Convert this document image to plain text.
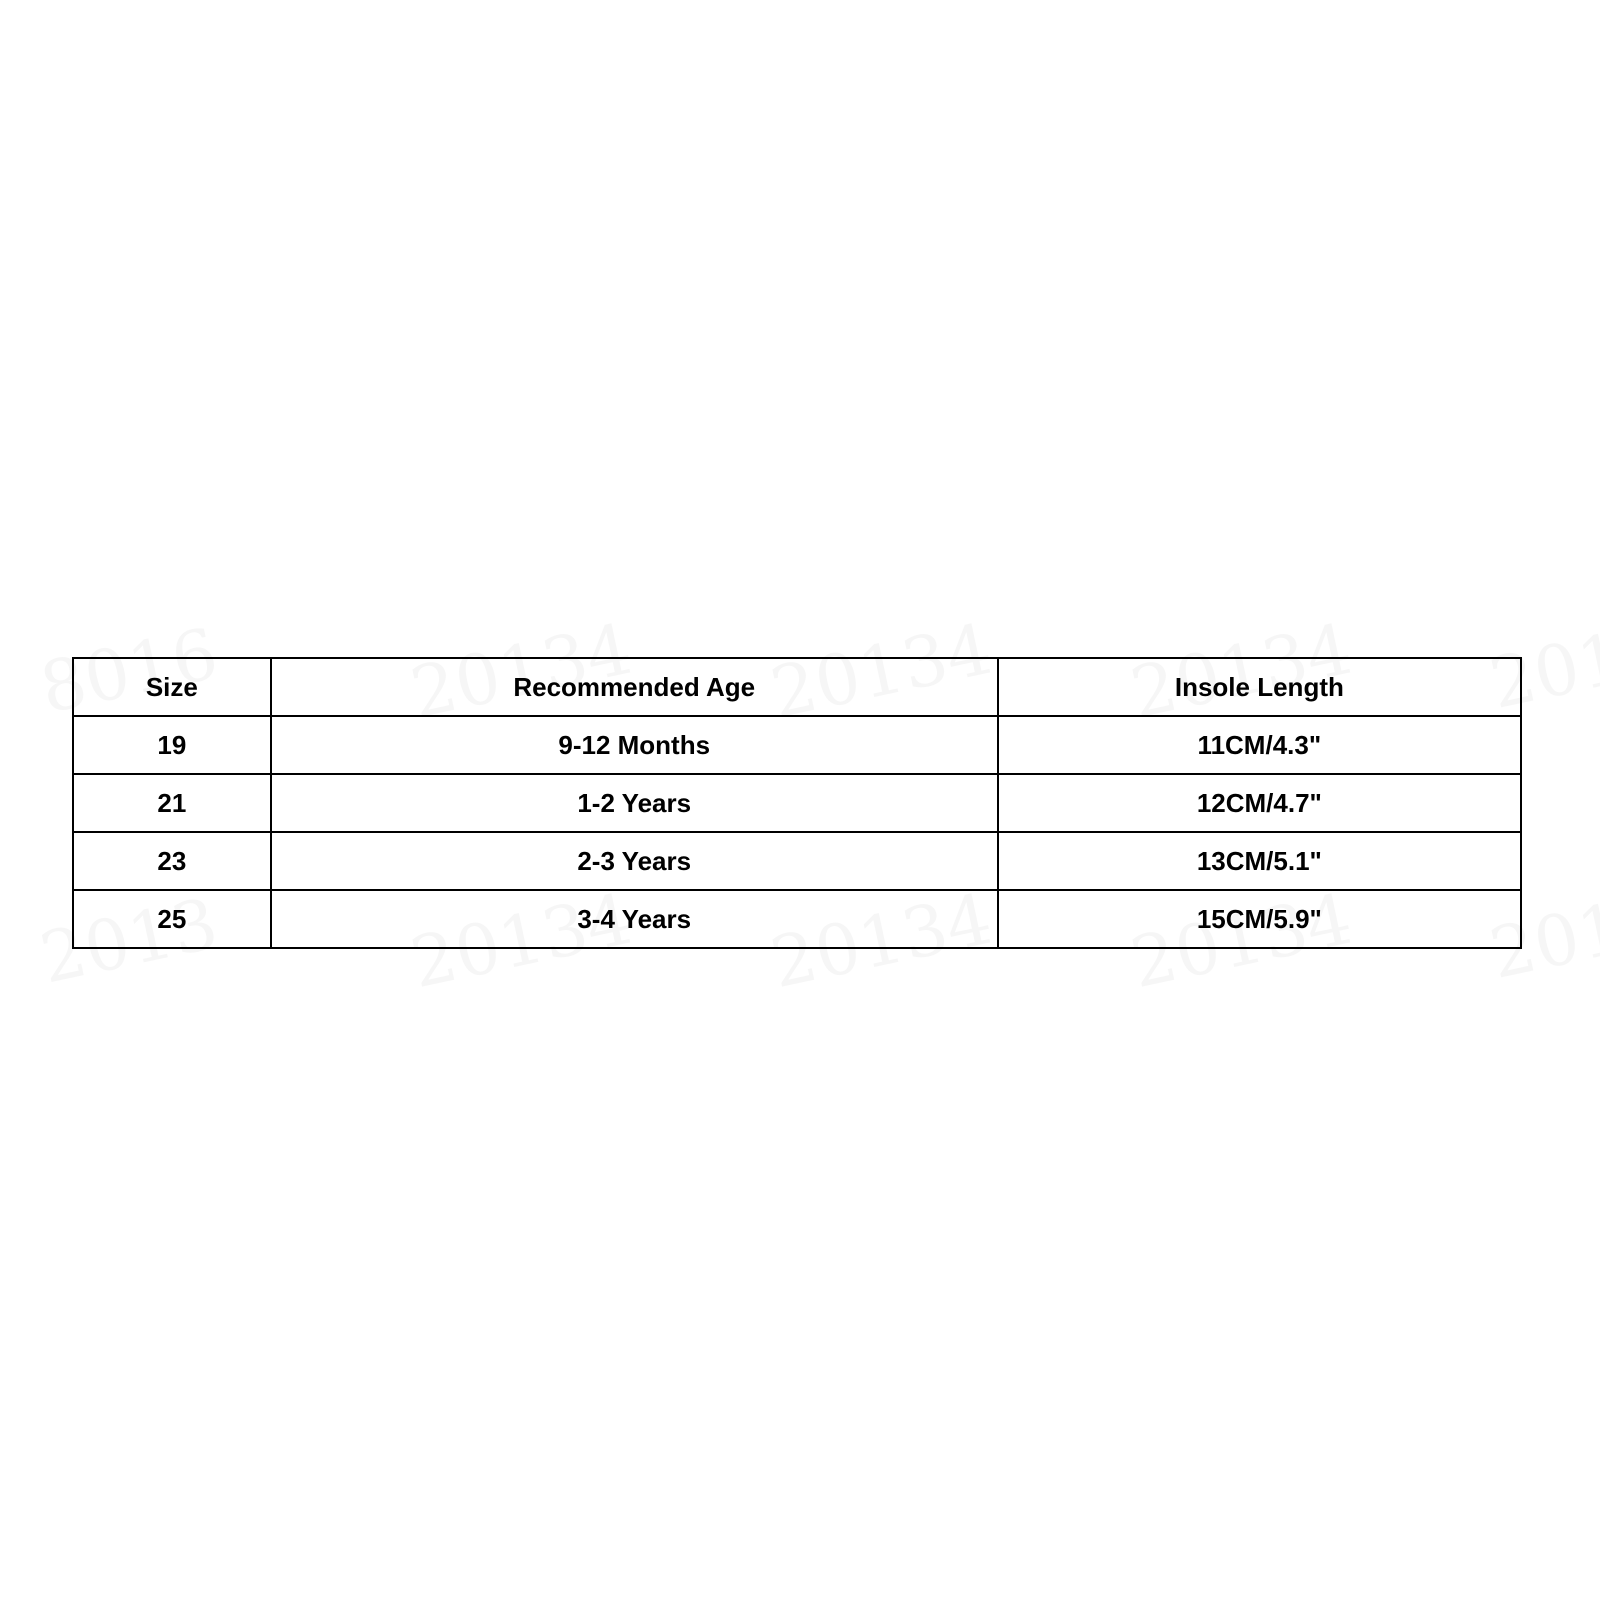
Size	Recommended Age	Insole Length
19	9-12 Months	11CM/4.3"
21	1-2 Years	12CM/4.7"
23	2-3 Years	13CM/5.1"
25	3-4 Years	15CM/5.9"
